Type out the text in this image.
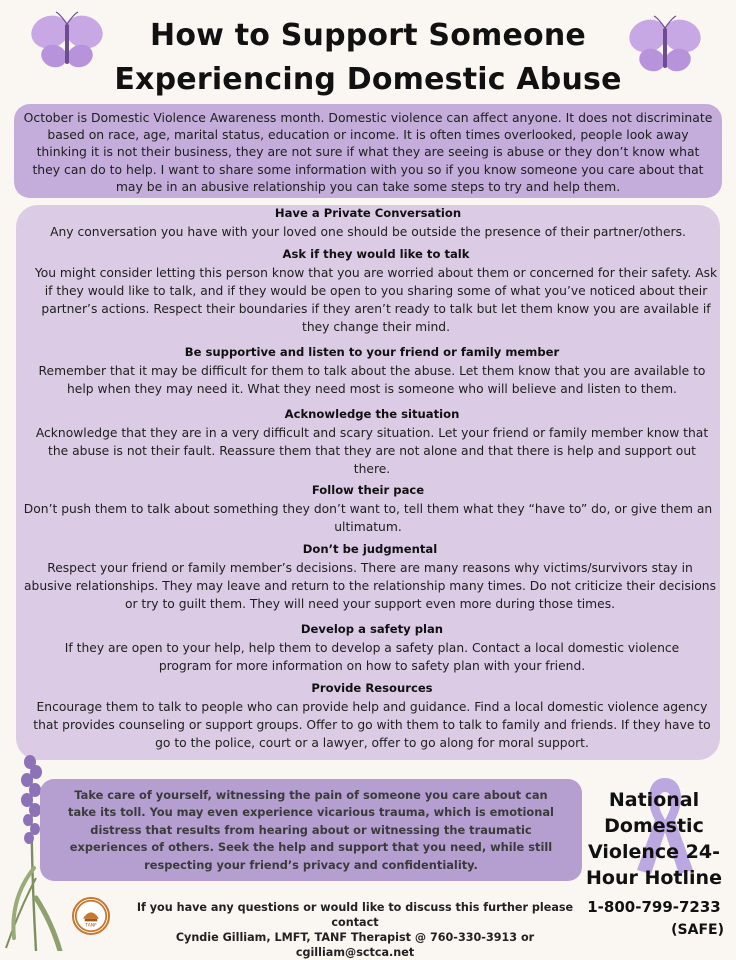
How to Support Someone
Experiencing Domestic Abuse
October is Domestic Violence Awareness month. Domestic violence can affect anyone. It does not discriminate based on race, age, marital status, education or income. It is often times overlooked, people look away thinking it is not their business, they are not sure if what they are seeing is abuse or they don’t know what they can do to help. I want to share some information with you so if you know someone you care about that may be in an abusive relationship you can take some steps to try and help them.
Have a Private Conversation

Any conversation you have with your loved one should be outside the presence of their partner/others.

Ask if they would like to talk

You might consider letting this person know that you are worried about them or concerned for their safety. Ask if they would like to talk, and if they would be open to you sharing some of what you’ve noticed about their partner’s actions. Respect their boundaries if they aren’t ready to talk but let them know you are available if they change their mind.

Be supportive and listen to your friend or family member

Remember that it may be difficult for them to talk about the abuse. Let them know that you are available to help when they may need it. What they need most is someone who will believe and listen to them.

Acknowledge the situation

Acknowledge that they are in a very difficult and scary situation. Let your friend or family member know that the abuse is not their fault. Reassure them that they are not alone and that there is help and support out there.

Follow their pace

Don’t push them to talk about something they don’t want to, tell them what they “have to” do, or give them an ultimatum.

Don’t be judgmental

Respect your friend or family member’s decisions. There are many reasons why victims/survivors stay in abusive relationships. They may leave and return to the relationship many times. Do not criticize their decisions or try to guilt them. They will need your support even more during those times.

Develop a safety plan

If they are open to your help, help them to develop a safety plan. Contact a local domestic violence program for more information on how to safety plan with your friend.

Provide Resources

Encourage them to talk to people who can provide help and guidance. Find a local domestic violence agency that provides counseling or support groups. Offer to go with them to talk to family and friends. If they have to go to the police, court or a lawyer, offer to go along for moral support.

Take care of yourself, witnessing the pain of someone you care about can take its toll. You may even experience vicarious trauma, which is emotional distress that results from hearing about or witnessing the traumatic experiences of others. Seek the help and support that you need, while still respecting your friend’s privacy and confidentiality.
National Domestic Violence 24-Hour Hotline
1-800-799-7233
(SAFE)
TANF
If you have any questions or would like to discuss this further please contact
Cyndie Gilliam, LMFT, TANF Therapist @ 760-330-3913 or cgilliam@sctca.net
